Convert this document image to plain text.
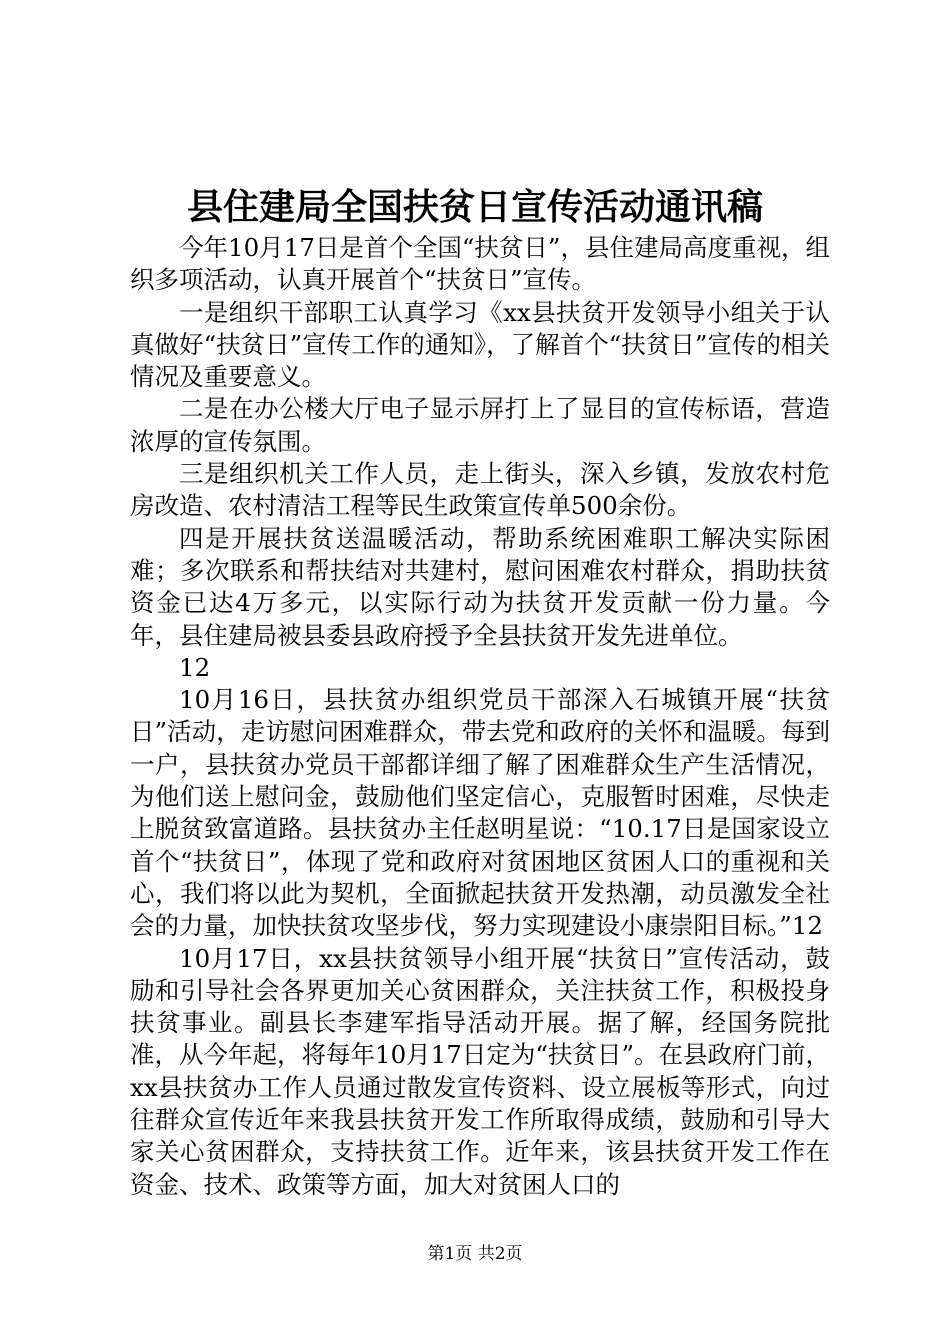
县住建局全国扶贫日宣传活动通讯稿

今年10月17日是首个全国“扶贫日”，县住建局高度重视，组织多项活动，认真开展首个“扶贫日”宣传。

一是组织干部职工认真学习《xx县扶贫开发领导小组关于认真做好“扶贫日”宣传工作的通知》，了解首个“扶贫日”宣传的相关情况及重要意义。

二是在办公楼大厅电子显示屏打上了显目的宣传标语，营造浓厚的宣传氛围。

三是组织机关工作人员，走上街头，深入乡镇，发放农村危房改造、农村清洁工程等民生政策宣传单500余份。

四是开展扶贫送温暖活动，帮助系统困难职工解决实际困难；多次联系和帮扶结对共建村，慰问困难农村群众，捐助扶贫资金已达4万多元，以实际行动为扶贫开发贡献一份力量。今年，县住建局被县委县政府授予全县扶贫开发先进单位。

12

10月16日，县扶贫办组织党员干部深入石城镇开展“扶贫日”活动，走访慰问困难群众，带去党和政府的关怀和温暖。每到一户，县扶贫办党员干部都详细了解了困难群众生产生活情况，为他们送上慰问金，鼓励他们坚定信心，克服暂时困难，尽快走上脱贫致富道路。县扶贫办主任赵明星说：“10.17日是国家设立首个“扶贫日”，体现了党和政府对贫困地区贫困人口的重视和关心，我们将以此为契机，全面掀起扶贫开发热潮，动员激发全社会的力量，加快扶贫攻坚步伐，努力实现建设小康崇阳目标。”12

10月17日，xx县扶贫领导小组开展“扶贫日”宣传活动，鼓励和引导社会各界更加关心贫困群众，关注扶贫工作，积极投身扶贫事业。副县长李建军指导活动开展。据了解，经国务院批准，从今年起，将每年10月17日定为“扶贫日”。在县政府门前，xx县扶贫办工作人员通过散发宣传资料、设立展板等形式，向过往群众宣传近年来我县扶贫开发工作所取得成绩，鼓励和引导大家关心贫困群众，支持扶贫工作。近年来，该县扶贫开发工作在资金、技术、政策等方面，加大对贫困人口的

第1页 共2页
